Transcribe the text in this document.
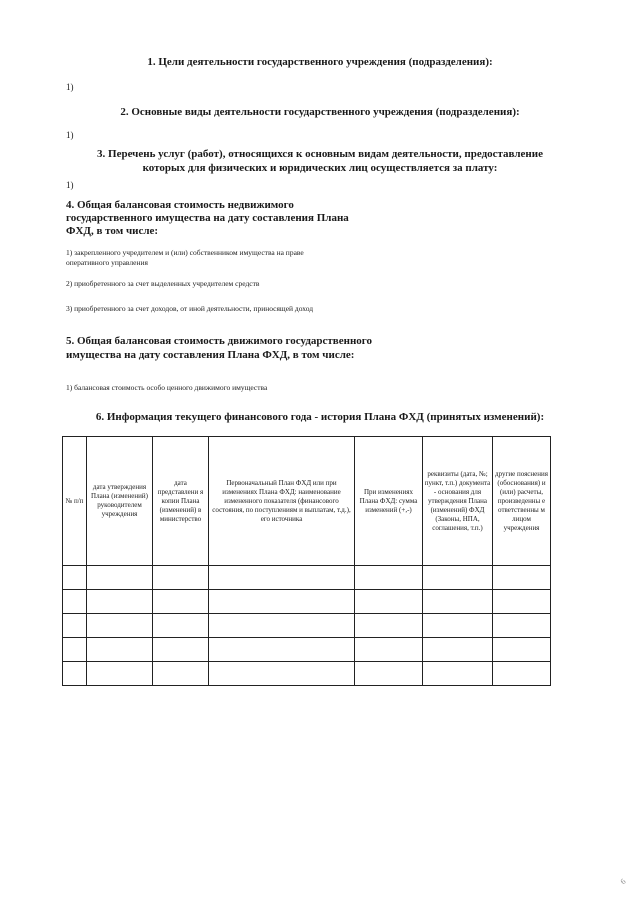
1. Цели деятельности государственного учреждения (подразделения):
1)
2. Основные виды деятельности государственного учреждения (подразделения):
1)
3. Перечень услуг (работ), относящихся к основным видам деятельности, предоставление
которых для физических и юридических лиц осуществляется за плату:
1)
4. Общая балансовая стоимость недвижимого
государственного имущества на дату составления Плана
ФХД, в том числе:
1) закрепленного учредителем и (или) собственником имущества на праве
оперативного управления
2) приобретенного за счет выделенных учредителем средств
3) приобретенного за счет доходов, от иной деятельности, приносящей доход
5. Общая балансовая стоимость движимого государственного
имущества на дату составления Плана ФХД, в том числе:
1) балансовая стоимость особо ценного движимого имущества
6. Информация текущего финансового года - история Плана ФХД (принятых изменений):
№ п/п	дата утверждения Плана (изменений) руководителем учреждения	дата представлени я копии Плана (изменений) в министерство	Первоначальный План ФХД или при изменениях Плана ФХД: наименование измененного показателя (финансового состояния, по поступлениям и выплатам, т.д.), его источника	При изменениях Плана ФХД: сумма изменений (+,-)	реквизиты (дата, №; пункт, т.п.) документа - основания для утверждения Плана (изменений) ФХД (Законы, НПА, соглашения, т.п.)	другие пояснения (обоснования) и (или) расчеты, произведенны е ответственны м лицом учреждения

6
